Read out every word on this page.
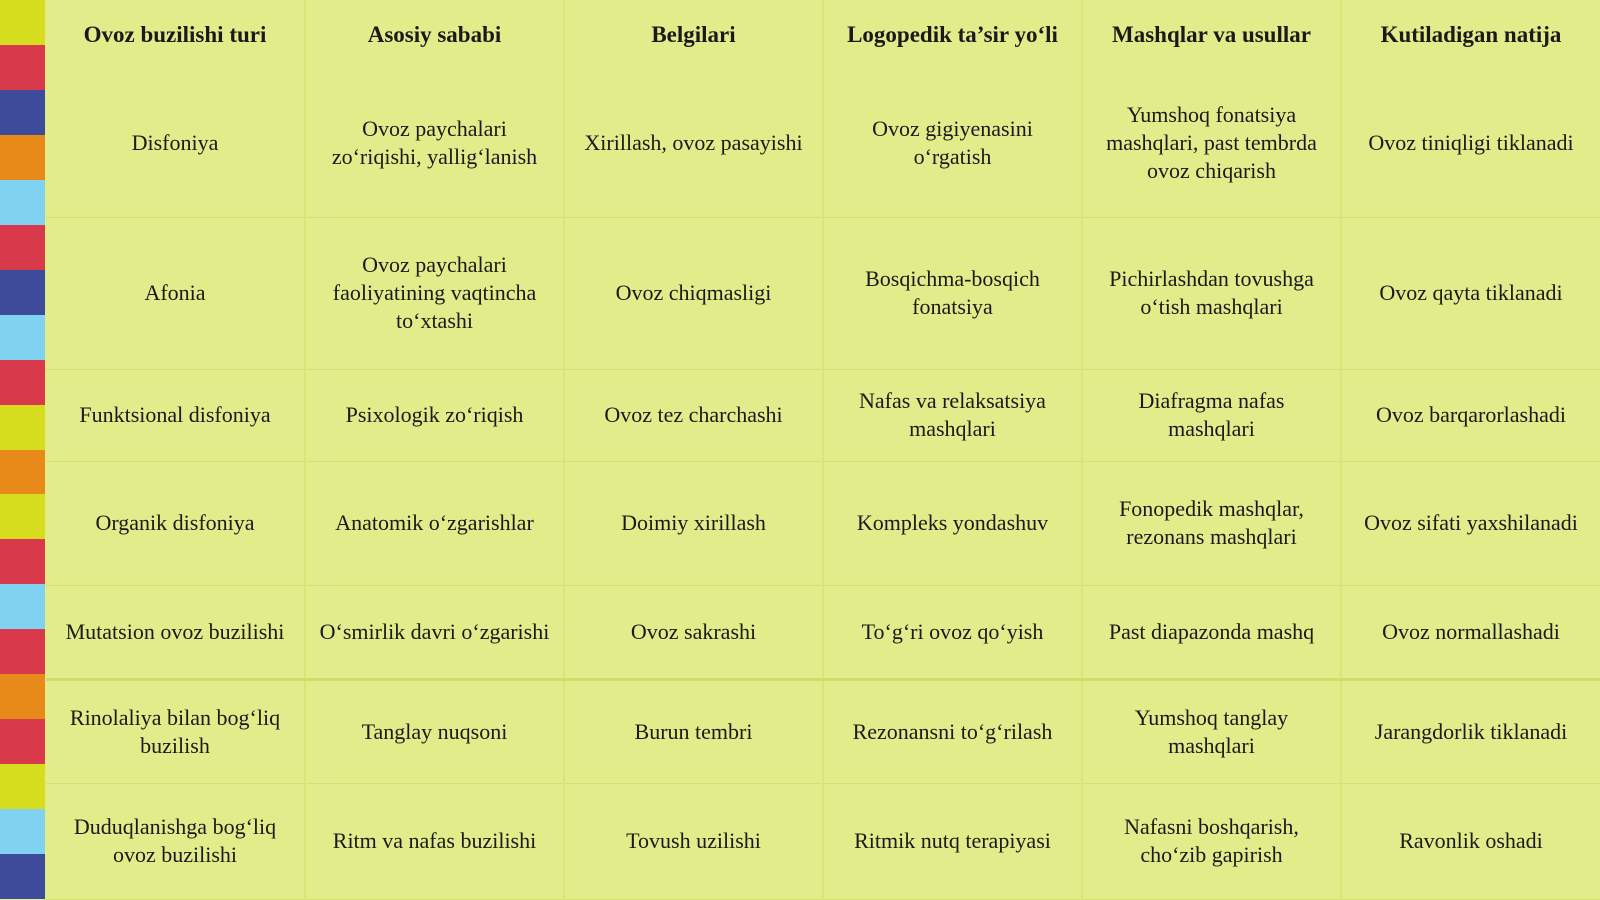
Ovoz buzilishi turi	Asosiy sababi	Belgilari	Logopedik ta’sir yo‘li	Mashqlar va usullar	Kutiladigan natija
Disfoniya	Ovoz paychalari zo‘riqishi, yallig‘lanish	Xirillash, ovoz pasayishi	Ovoz gigiyenasini o‘rgatish	Yumshoq fonatsiya mashqlari, past tembrda ovoz chiqarish	Ovoz tiniqligi tiklanadi
Afonia	Ovoz paychalari faoliyatining vaqtincha to‘xtashi	Ovoz chiqmasligi	Bosqichma-bosqich fonatsiya	Pichirlashdan tovushga o‘tish mashqlari	Ovoz qayta tiklanadi
Funktsional disfoniya	Psixologik zo‘riqish	Ovoz tez charchashi	Nafas va relaksatsiya mashqlari	Diafragma nafas mashqlari	Ovoz barqarorlashadi
Organik disfoniya	Anatomik o‘zgarishlar	Doimiy xirillash	Kompleks yondashuv	Fonopedik mashqlar, rezonans mashqlari	Ovoz sifati yaxshilanadi
Mutatsion ovoz buzilishi	O‘smirlik davri o‘zgarishi	Ovoz sakrashi	To‘g‘ri ovoz qo‘yish	Past diapazonda mashq	Ovoz normallashadi
Rinolaliya bilan bog‘liq buzilish	Tanglay nuqsoni	Burun tembri	Rezonansni to‘g‘rilash	Yumshoq tanglay mashqlari	Jarangdorlik tiklanadi
Duduqlanishga bog‘liq ovoz buzilishi	Ritm va nafas buzilishi	Tovush uzilishi	Ritmik nutq terapiyasi	Nafasni boshqarish, cho‘zib gapirish	Ravonlik oshadi
